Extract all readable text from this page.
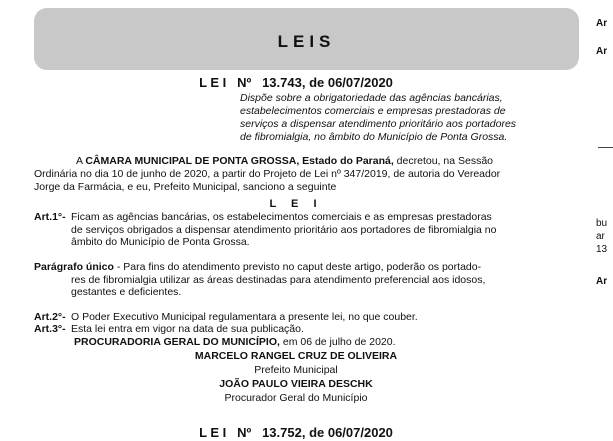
LEIS
L E I   Nº   13.743, de 06/07/2020
Dispõe sobre a obrigatoriedade das agências bancárias,
estabelecimentos comerciais e empresas prestadoras de
serviços a dispensar atendimento prioritário aos portadores
de fibromialgia, no âmbito do Município de Ponta Grossa.
A CÂMARA MUNICIPAL DE PONTA GROSSA, Estado do Paraná, decretou, na Sessão
Ordinária no dia 10 de junho de 2020, a partir do Projeto de Lei nº 347/2019, de autoria do Vereador
Jorge da Farmácia, e eu, Prefeito Municipal, sanciono a seguinte
L E I
Art.1°- Ficam as agências bancárias, os estabelecimentos comerciais e as empresas prestadoras
de serviços obrigados a dispensar atendimento prioritário aos portadores de fibromialgia no
âmbito do Município de Ponta Grossa.
Parágrafo único - Para fins do atendimento previsto no caput deste artigo, poderão os portado-
res de fibromialgia utilizar as áreas destinadas para atendimento preferencial aos idosos,
gestantes e deficientes.
Art.2°- O Poder Executivo Municipal regulamentara a presente lei, no que couber.
Art.3°- Esta lei entra em vigor na data de sua publicação.
PROCURADORIA GERAL DO MUNICÍPIO, em 06 de julho de 2020.
MARCELO RANGEL CRUZ DE OLIVEIRA
Prefeito Municipal
JOÃO PAULO VIEIRA DESCHK
Procurador Geral do Município
L E I   Nº   13.752, de 06/07/2020
Ar
Ar
bu
ar
13
Ar
